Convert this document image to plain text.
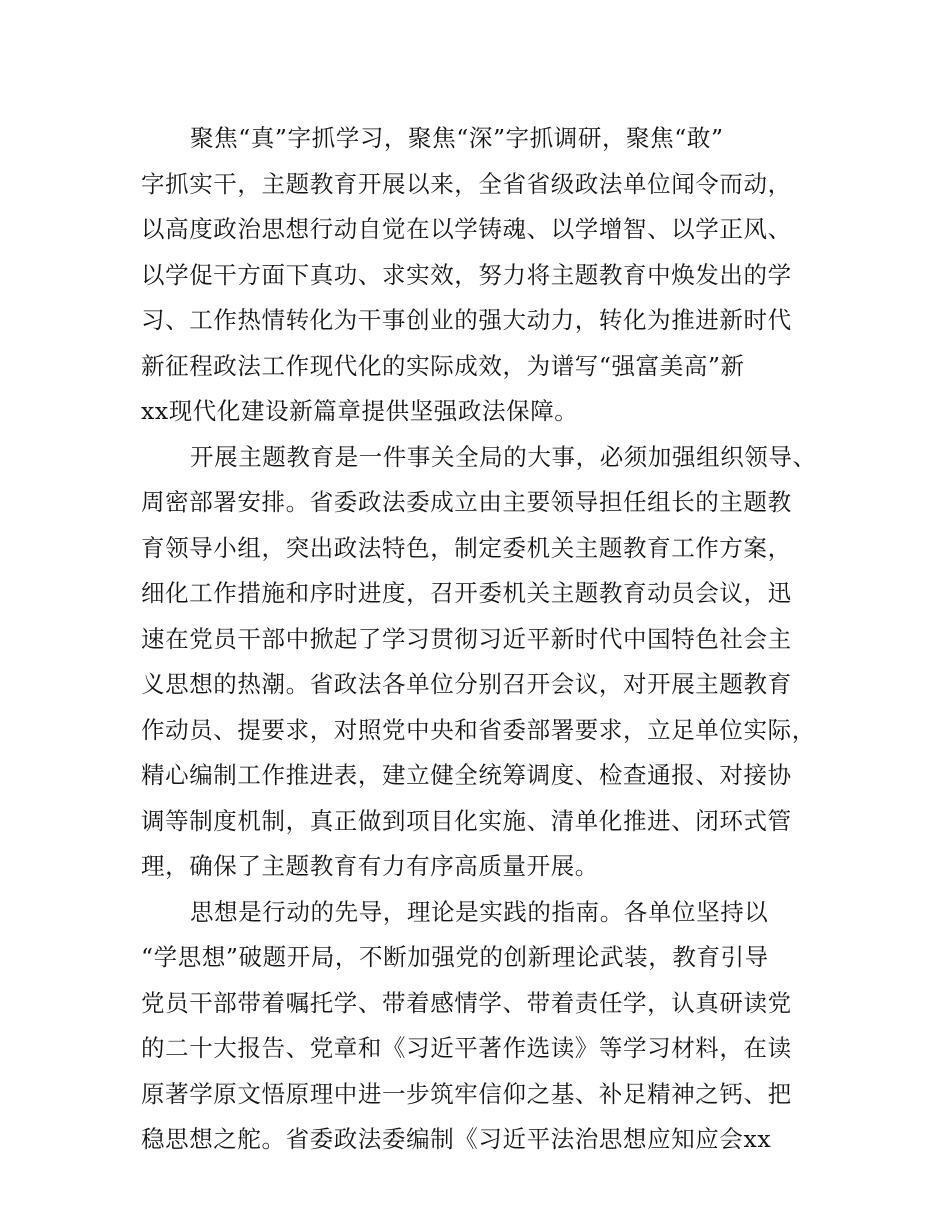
聚焦“真”字抓学习，聚焦“深”字抓调研，聚焦“敢”
字抓实干，主题教育开展以来，全省省级政法单位闻令而动，
以高度政治思想行动自觉在以学铸魂、以学增智、以学正风、
以学促干方面下真功、求实效，努力将主题教育中焕发出的学
习、工作热情转化为干事创业的强大动力，转化为推进新时代
新征程政法工作现代化的实际成效，为谱写“强富美高”新
xx现代化建设新篇章提供坚强政法保障。
开展主题教育是一件事关全局的大事，必须加强组织领导、
周密部署安排。省委政法委成立由主要领导担任组长的主题教
育领导小组，突出政法特色，制定委机关主题教育工作方案，
细化工作措施和序时进度，召开委机关主题教育动员会议，迅
速在党员干部中掀起了学习贯彻习近平新时代中国特色社会主
义思想的热潮。省政法各单位分别召开会议，对开展主题教育
作动员、提要求，对照党中央和省委部署要求，立足单位实际，
精心编制工作推进表，建立健全统筹调度、检查通报、对接协
调等制度机制，真正做到项目化实施、清单化推进、闭环式管
理，确保了主题教育有力有序高质量开展。
思想是行动的先导，理论是实践的指南。各单位坚持以
“学思想”破题开局，不断加强党的创新理论武装，教育引导
党员干部带着嘱托学、带着感情学、带着责任学，认真研读党
的二十大报告、党章和《习近平著作选读》等学习材料，在读
原著学原文悟原理中进一步筑牢信仰之基、补足精神之钙、把
稳思想之舵。省委政法委编制《习近平法治思想应知应会xx
